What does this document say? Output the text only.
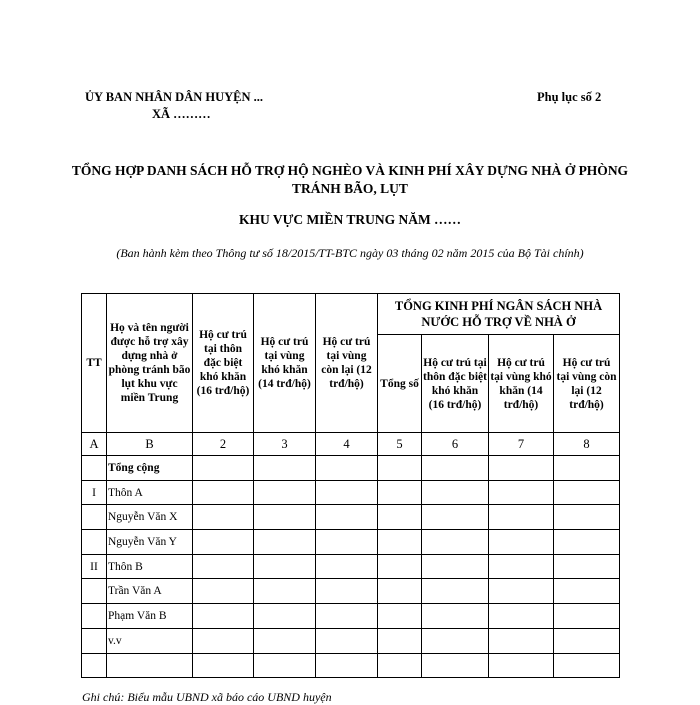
ỦY BAN NHÂN DÂN HUYỆN ...
XÃ ………
Phụ lục số 2
TỔNG HỢP DANH SÁCH HỖ TRỢ HỘ NGHÈO VÀ KINH PHÍ XÂY DỰNG NHÀ Ở PHÒNG TRÁNH BÃO, LỤT
KHU VỰC MIỀN TRUNG NĂM ……
(Ban hành kèm theo Thông tư số 18/2015/TT-BTC ngày 03 tháng 02 năm 2015 của Bộ Tài chính)
TT	Họ và tên người được hỗ trợ xây dựng nhà ở phòng tránh bão lụt khu vực miền Trung	Hộ cư trú tại thôn đặc biệt khó khăn (16 trđ/hộ)	Hộ cư trú tại vùng khó khăn (14 trđ/hộ)	Hộ cư trú tại vùng còn lại (12 trđ/hộ)	TỔNG KINH PHÍ NGÂN SÁCH NHÀ NƯỚC HỖ TRỢ VỀ NHÀ Ở			
					Tổng số	Hộ cư trú tại thôn đặc biệt khó khăn (16 trđ/hộ)	Hộ cư trú tại vùng khó khăn (14 trđ/hộ)	Hộ cư trú tại vùng còn lại (12 trđ/hộ)
A	B	2	3	4	5	6	7	8
	Tổng cộng							
I	Thôn A							
	Nguyễn Văn X							
	Nguyễn Văn Y							
II	Thôn B							
	Trần Văn A							
	Phạm Văn B							
	v.v							

Ghi chú: Biểu mẫu UBND xã báo cáo UBND huyện
